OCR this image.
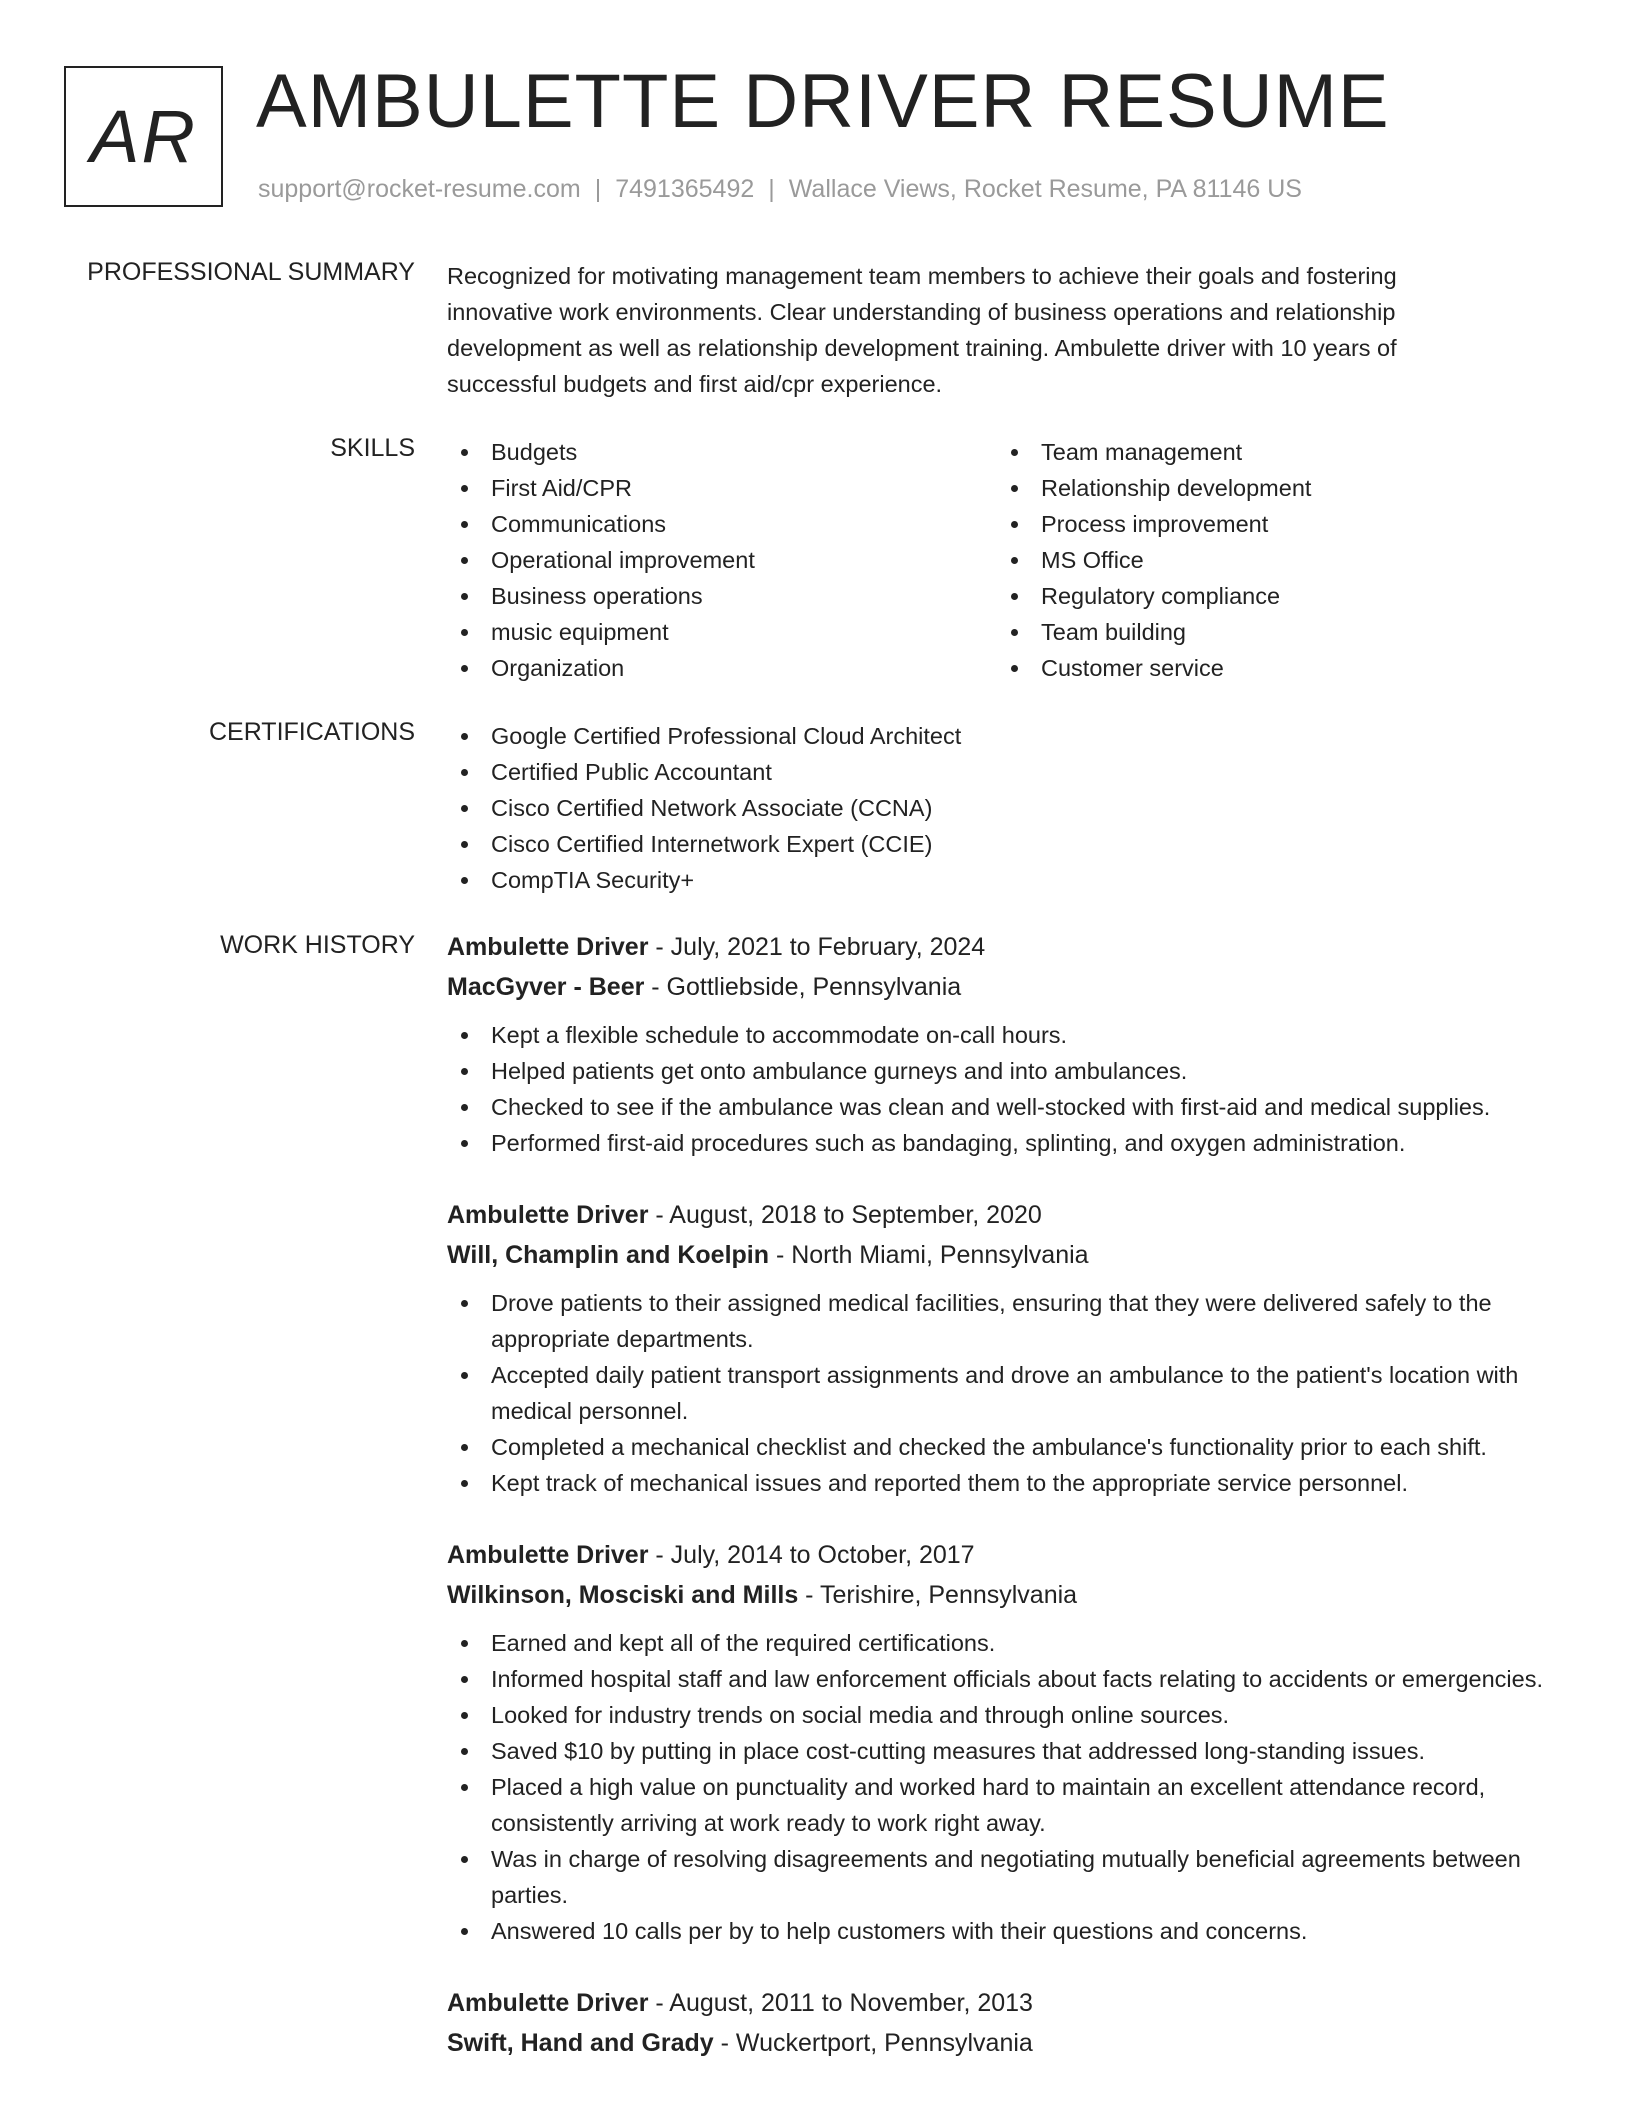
AR AMBULETTE DRIVER RESUME
support@rocket-resume.com | 7491365492 | Wallace Views, Rocket Resume, PA 81146 US
PROFESSIONAL SUMMARY Recognized for motivating management team members to achieve their goals and fostering

innovative work environments. Clear understanding of business operations and relationship

development as well as relationship development training. Ambulette driver with 10 years of

successful budgets and first aid/cpr experience.

SKILLS	Budgets
First Aid/CPR
Communications
Operational improvement
Business operations
music equipment
Organization
Team management
Relationship development
Process improvement
MS Office
Regulatory compliance
Team building
Customer service
CERTIFICATIONS	Google Certified Professional Cloud Architect
Certified Public Accountant
Cisco Certified Network Associate (CCNA)
Cisco Certified Internetwork Expert (CCIE)
CompTIA Security+
WORK HISTORY Ambulette Driver - July, 2021 to February, 2024
MacGyver - Beer - Gottliebside, Pennsylvania
Kept a flexible schedule to accommodate on-call hours.
Helped patients get onto ambulance gurneys and into ambulances.
Checked to see if the ambulance was clean and well-stocked with first-aid and medical supplies.
Performed first-aid procedures such as bandaging, splinting, and oxygen administration.
Ambulette Driver - August, 2018 to September, 2020
Will, Champlin and Koelpin - North Miami, Pennsylvania
Drove patients to their assigned medical facilities, ensuring that they were delivered safely to the appropriate departments.
Accepted daily patient transport assignments and drove an ambulance to the patient's location with medical personnel.
Completed a mechanical checklist and checked the ambulance's functionality prior to each shift.
Kept track of mechanical issues and reported them to the appropriate service personnel.
Ambulette Driver - July, 2014 to October, 2017
Wilkinson, Mosciski and Mills - Terishire, Pennsylvania
Earned and kept all of the required certifications.
Informed hospital staff and law enforcement officials about facts relating to accidents or emergencies.
Looked for industry trends on social media and through online sources.
Saved $10 by putting in place cost-cutting measures that addressed long-standing issues.
Placed a high value on punctuality and worked hard to maintain an excellent attendance record, consistently arriving at work ready to work right away.
Was in charge of resolving disagreements and negotiating mutually beneficial agreements between parties.
Answered 10 calls per by to help customers with their questions and concerns.
Ambulette Driver - August, 2011 to November, 2013
Swift, Hand and Grady - Wuckertport, Pennsylvania
